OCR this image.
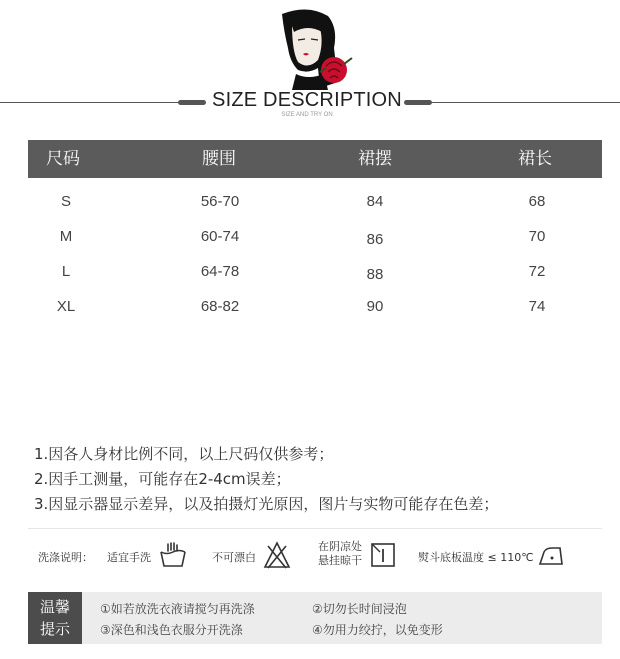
SIZE DESCRIPTION
SIZE AND TRY ON
尺码	腰围	裙摆	裙长
S	56-70	84	68
M	60-74	86	70
L	64-78	88	72
XL	68-82	90	74
1.因各人身材比例不同，以上尺码仅供参考；
2.因手工测量，可能存在2-4cm误差；
3.因显示器显示差异，以及拍摄灯光原因，图片与实物可能存在色差；
洗涤说明： 适宜手洗	不可漂白
在阴凉处
悬挂晾干	熨斗底板温度 ≤ 110℃
温馨
提示
①如若放洗衣液请搅匀再洗涤	②切勿长时间浸泡
③深色和浅色衣服分开洗涤	④勿用力绞拧，以免变形
